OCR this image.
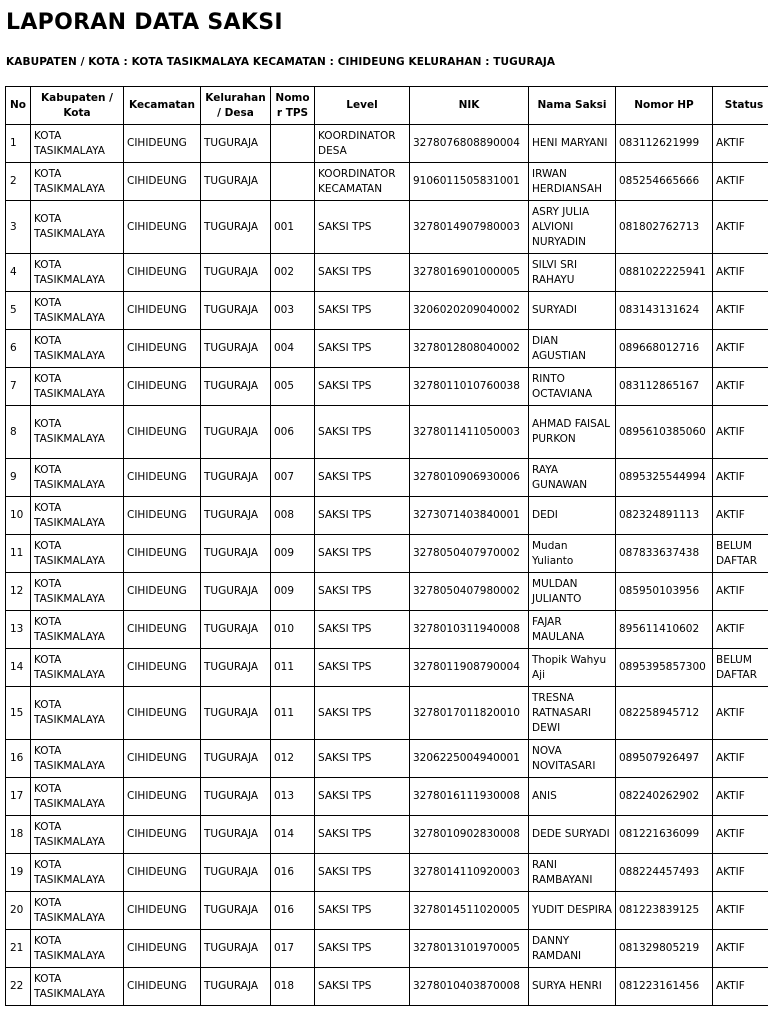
LAPORAN DATA SAKSI
KABUPATEN / KOTA : KOTA TASIKMALAYA KECAMATAN : CIHIDEUNG KELURAHAN : TUGURAJA
No	Kabupaten / Kota	Kecamatan	Kelurahan / Desa	Nomor TPS	Level	NIK	Nama Saksi	Nomor HP	Status
1	KOTA TASIKMALAYA	CIHIDEUNG	TUGURAJA		KOORDINATOR DESA	3278076808890004	HENI MARYANI	083112621999	AKTIF
2	KOTA TASIKMALAYA	CIHIDEUNG	TUGURAJA		KOORDINATOR KECAMATAN	9106011505831001	IRWAN HERDIANSAH	085254665666	AKTIF
3	KOTA TASIKMALAYA	CIHIDEUNG	TUGURAJA	001	SAKSI TPS	3278014907980003	ASRY JULIA ALVIONI NURYADIN	081802762713	AKTIF
4	KOTA TASIKMALAYA	CIHIDEUNG	TUGURAJA	002	SAKSI TPS	3278016901000005	SILVI SRI RAHAYU	0881022225941	AKTIF
5	KOTA TASIKMALAYA	CIHIDEUNG	TUGURAJA	003	SAKSI TPS	3206020209040002	SURYADI	083143131624	AKTIF
6	KOTA TASIKMALAYA	CIHIDEUNG	TUGURAJA	004	SAKSI TPS	3278012808040002	DIAN AGUSTIAN	089668012716	AKTIF
7	KOTA TASIKMALAYA	CIHIDEUNG	TUGURAJA	005	SAKSI TPS	3278011010760038	RINTO OCTAVIANA	083112865167	AKTIF
8	KOTA TASIKMALAYA	CIHIDEUNG	TUGURAJA	006	SAKSI TPS	3278011411050003	AHMAD FAISAL PURKON	0895610385060	AKTIF
9	KOTA TASIKMALAYA	CIHIDEUNG	TUGURAJA	007	SAKSI TPS	3278010906930006	RAYA GUNAWAN	0895325544994	AKTIF
10	KOTA TASIKMALAYA	CIHIDEUNG	TUGURAJA	008	SAKSI TPS	3273071403840001	DEDI	082324891113	AKTIF
11	KOTA TASIKMALAYA	CIHIDEUNG	TUGURAJA	009	SAKSI TPS	3278050407970002	Mudan Yulianto	087833637438	BELUM DAFTAR
12	KOTA TASIKMALAYA	CIHIDEUNG	TUGURAJA	009	SAKSI TPS	3278050407980002	MULDAN JULIANTO	085950103956	AKTIF
13	KOTA TASIKMALAYA	CIHIDEUNG	TUGURAJA	010	SAKSI TPS	3278010311940008	FAJAR MAULANA	895611410602	AKTIF
14	KOTA TASIKMALAYA	CIHIDEUNG	TUGURAJA	011	SAKSI TPS	3278011908790004	Thopik Wahyu Aji	0895395857300	BELUM DAFTAR
15	KOTA TASIKMALAYA	CIHIDEUNG	TUGURAJA	011	SAKSI TPS	3278017011820010	TRESNA RATNASARI DEWI	082258945712	AKTIF
16	KOTA TASIKMALAYA	CIHIDEUNG	TUGURAJA	012	SAKSI TPS	3206225004940001	NOVA NOVITASARI	089507926497	AKTIF
17	KOTA TASIKMALAYA	CIHIDEUNG	TUGURAJA	013	SAKSI TPS	3278016111930008	ANIS	082240262902	AKTIF
18	KOTA TASIKMALAYA	CIHIDEUNG	TUGURAJA	014	SAKSI TPS	3278010902830008	DEDE SURYADI	081221636099	AKTIF
19	KOTA TASIKMALAYA	CIHIDEUNG	TUGURAJA	016	SAKSI TPS	3278014110920003	RANI RAMBAYANI	088224457493	AKTIF
20	KOTA TASIKMALAYA	CIHIDEUNG	TUGURAJA	016	SAKSI TPS	3278014511020005	YUDIT DESPIRA	081223839125	AKTIF
21	KOTA TASIKMALAYA	CIHIDEUNG	TUGURAJA	017	SAKSI TPS	3278013101970005	DANNY RAMDANI	081329805219	AKTIF
22	KOTA TASIKMALAYA	CIHIDEUNG	TUGURAJA	018	SAKSI TPS	3278010403870008	SURYA HENRI	081223161456	AKTIF
